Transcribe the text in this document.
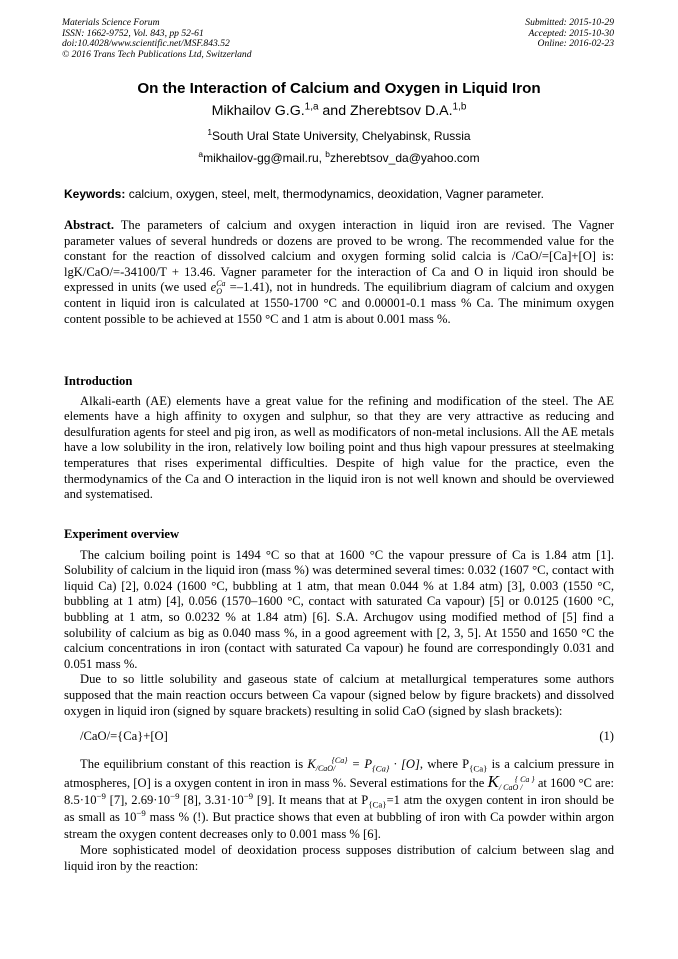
Materials Science Forum
ISSN: 1662-9752, Vol. 843, pp 52-61
doi:10.4028/www.scientific.net/MSF.843.52
© 2016 Trans Tech Publications Ltd, Switzerland
Submitted: 2015-10-29
Accepted: 2015-10-30
Online: 2016-02-23
On the Interaction of Calcium and Oxygen in Liquid Iron
Mikhailov G.G.$^{1,a}$ and Zherebtsov D.A.$^{1,b}$
$^1$South Ural State University, Chelyabinsk, Russia
$^a$mikhailov-gg@mail.ru, $^b$zherebtsov_da@yahoo.com
Keywords: calcium, oxygen, steel, melt, thermodynamics, deoxidation, Vagner parameter.

Abstract. The parameters of calcium and oxygen interaction in liquid iron are revised. The Vagner parameter values of several hundreds or dozens are proved to be wrong. The recommended value for the constant for the reaction of dissolved calcium and oxygen forming solid calcia is /CaO/=[Ca]+[O] is: lgK/CaO/=-34100/T + 13.46. Vagner parameter for the interaction of Ca and O in liquid iron should be expressed in units (we used eCa
O =–1.41), not in hundreds. The equilibrium diagram of calcium and oxygen content in liquid iron is calculated at 1550-1700 °C and 0.00001-0.1 mass % Ca. The minimum oxygen content possible to be achieved at 1550 °C and 1 atm is about 0.001 mass %.

Introduction

Alkali-earth (AE) elements have a great value for the refining and modification of the steel. The AE elements have a high affinity to oxygen and sulphur, so that they are very attractive as reducing and desulfuration agents for steel and pig iron, as well as modificators of non-metal inclusions. All the AE metals have a low solubility in the iron, relatively low boiling point and thus high vapour pressures at steelmaking temperatures that rises experimental difficulties. Despite of high value for the practice, even the thermodynamics of the Ca and O interaction in the liquid iron is not well known and should be overviewed and systematised.

Experiment overview

The calcium boiling point is 1494 °C so that at 1600 °C the vapour pressure of Ca is 1.84 atm [1]. Solubility of calcium in the liquid iron (mass %) was determined several times: 0.032 (1607 °C, contact with liquid Ca) [2], 0.024 (1600 °C, bubbling at 1 atm, that mean 0.044 % at 1.84 atm) [3], 0.003 (1550 °C, bubbling at 1 atm) [4], 0.056 (1570–1600 °C, contact with saturated Ca vapour) [5] or 0.0125 (1600 °C, bubbling at 1 atm, so 0.0232 % at 1.84 atm) [6]. S.A. Archugov using modified method of [5] find a solubility of calcium as big as 0.040 mass %, in a good agreement with [2, 3, 5]. At 1550 and 1650 °C the calcium concentrations in iron (contact with saturated Ca vapour) he found are correspondingly 0.031 and 0.051 mass %.

Due to so little solubility and gaseous state of calcium at metallurgical temperatures some authors supposed that the main reaction occurs between Ca vapour (signed below by figure brackets) and dissolved oxygen in liquid iron (signed by square brackets) resulting in solid CaO (signed by slash brackets):

/CaO/={Ca}+[O]	(1)

The equilibrium constant of this reaction is K {Ca}
$/CaO/ = P_{\{Ca\}} \cdot [O]$, where $P_{\{Ca\}}$ is a calcium pressure in atmospheres, [O] is a oxygen content in iron in mass %. Several estimations for the K { Ca }
/ CaO / at 1600 °C are: $8.5\cdot 10^{-9}$ [7], $2.69\cdot 10^{-9}$ [8], $3.31\cdot 10^{-9}$ [9]. It means that at $P_{\{Ca\}}=1$ atm the oxygen content in iron should be as small as $10^{-9}$ mass % (!). But practice shows that even at bubbling of iron with Ca powder within argon stream the oxygen content decreases only to 0.001 mass % [6].

More sophisticated model of deoxidation process supposes distribution of calcium between slag and liquid iron by the reaction:
